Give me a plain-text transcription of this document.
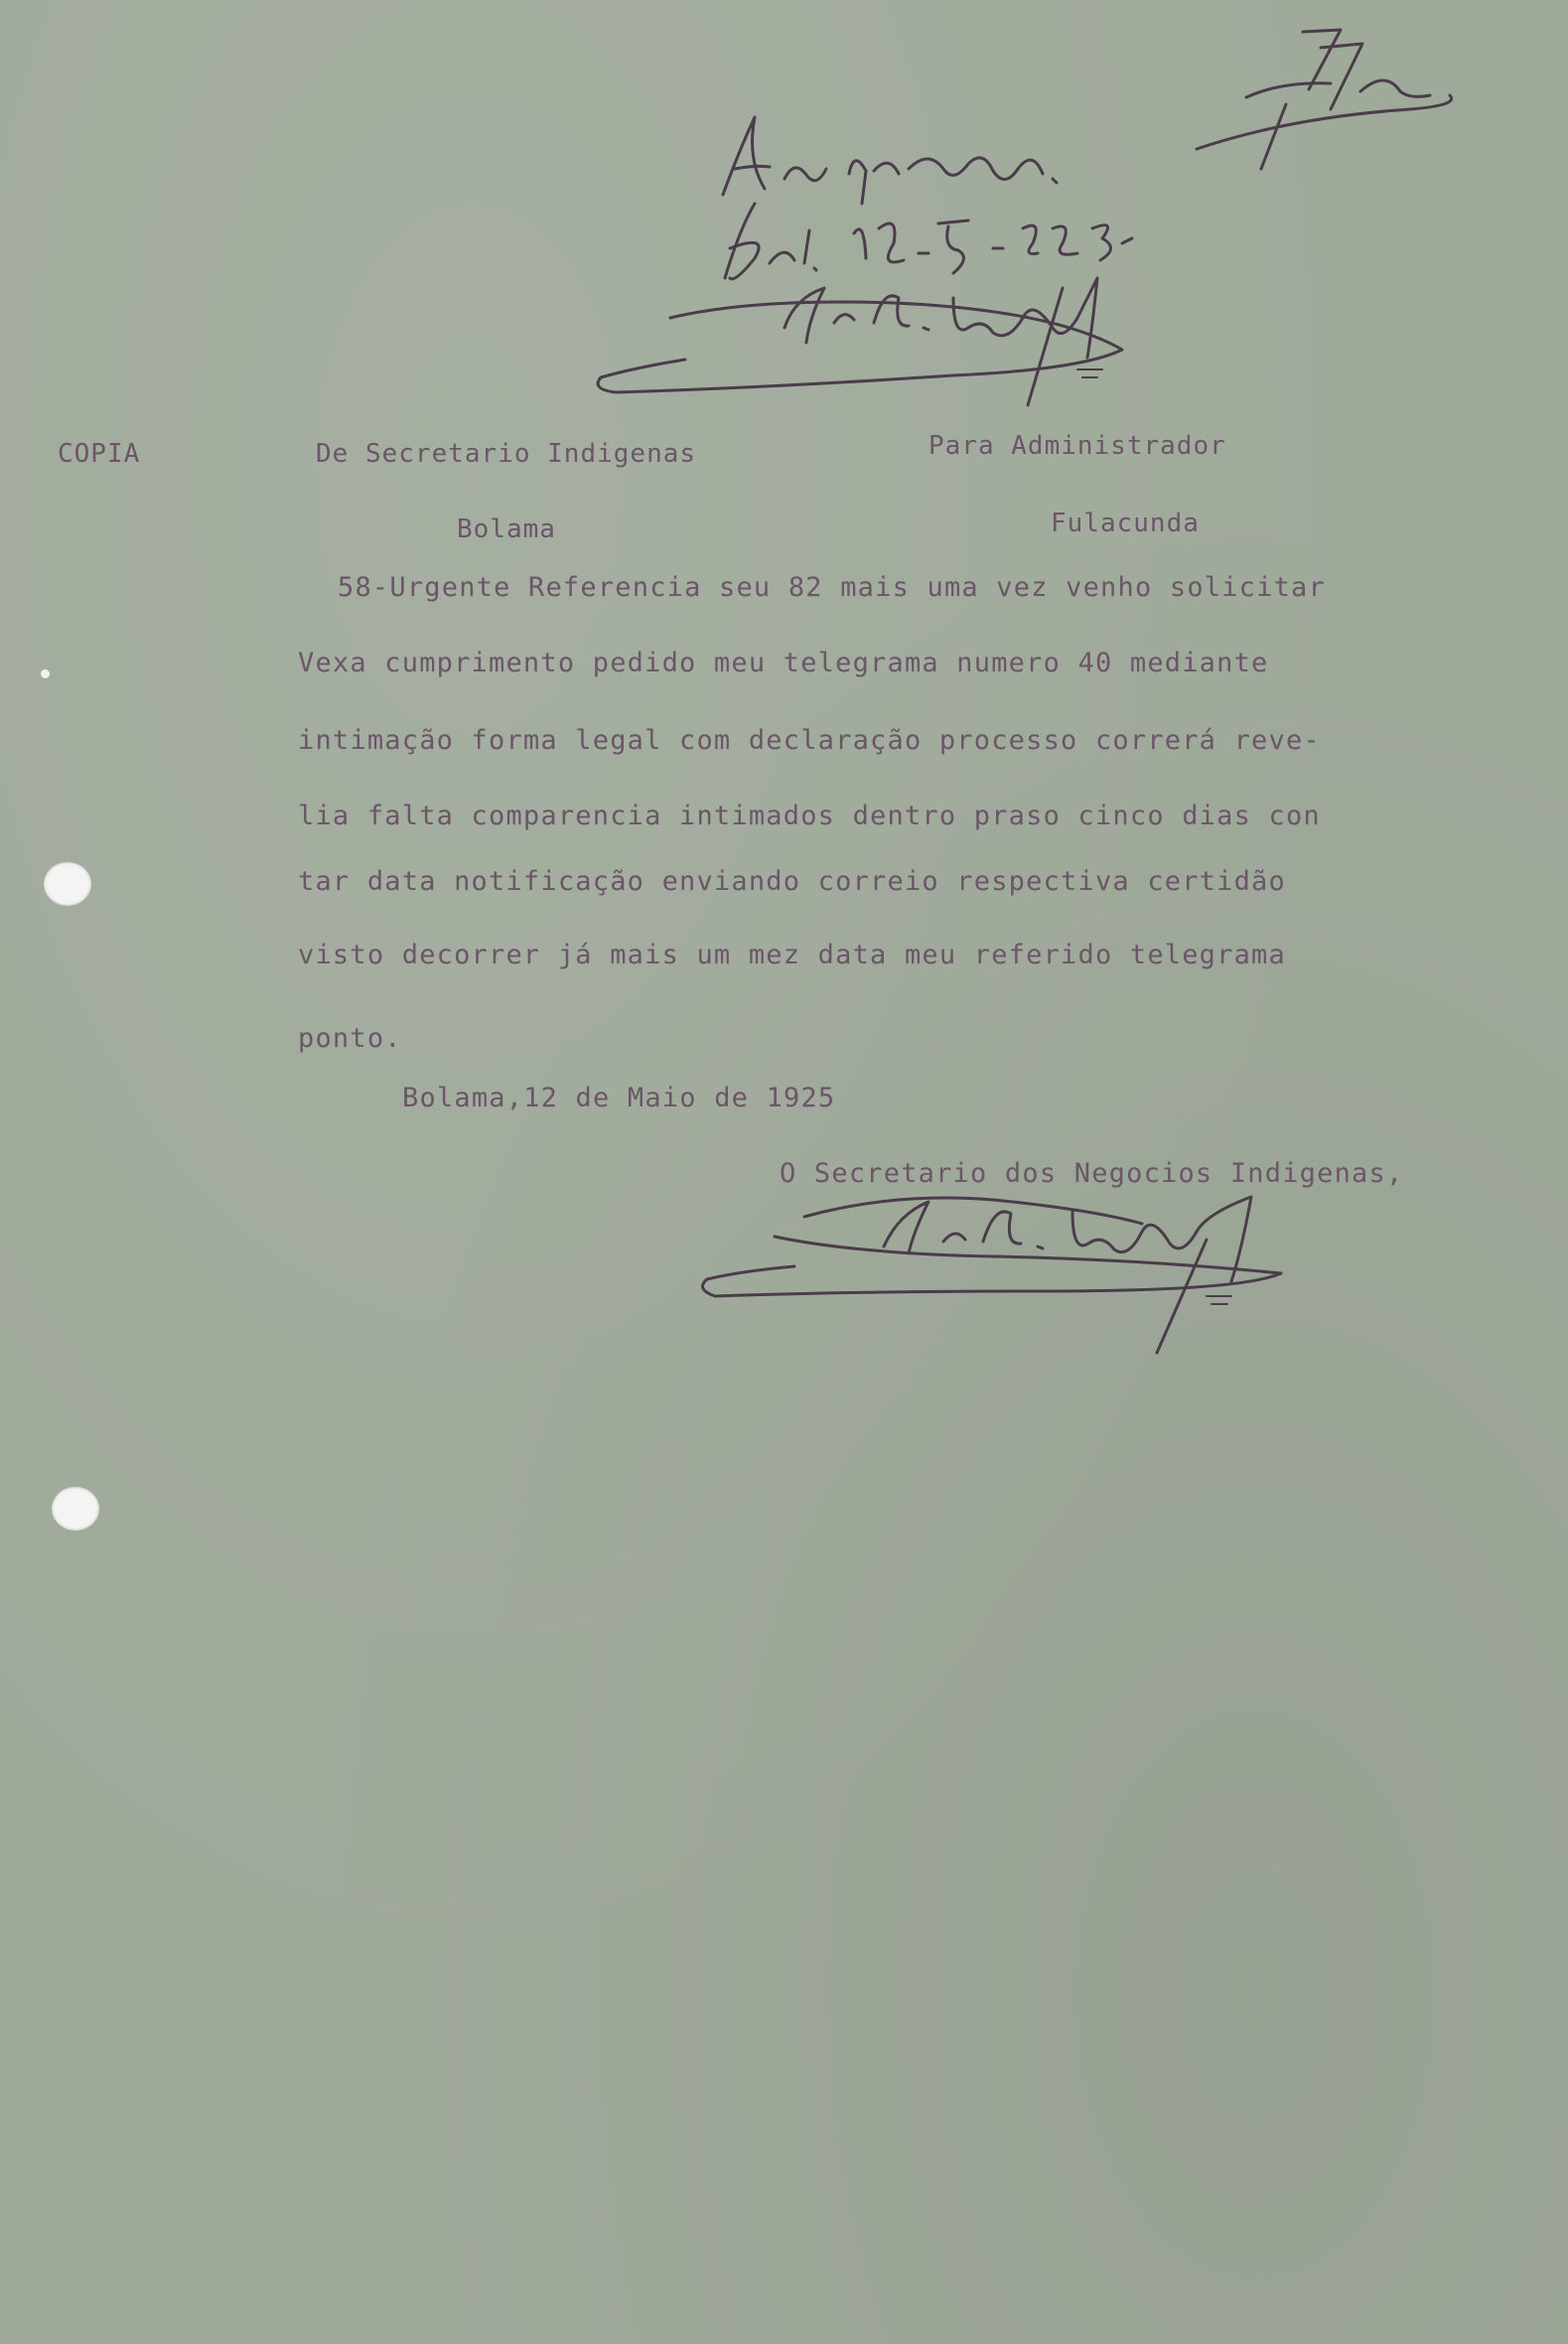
COPIA	De Secretario Indigenas	Para Administrador
Bolama	Fulacunda
58-Urgente Referencia seu 82 mais uma vez venho solicitar
Vexa cumprimento pedido meu telegrama numero 40 mediante
intimação forma legal com declaração processo correrá reve-
lia falta comparencia intimados dentro praso cinco dias con
tar data notificação enviando correio respectiva certidão
visto decorrer já mais um mez data meu referido telegrama
ponto.
Bolama,12 de Maio de 1925
O Secretario dos Negocios Indigenas,
